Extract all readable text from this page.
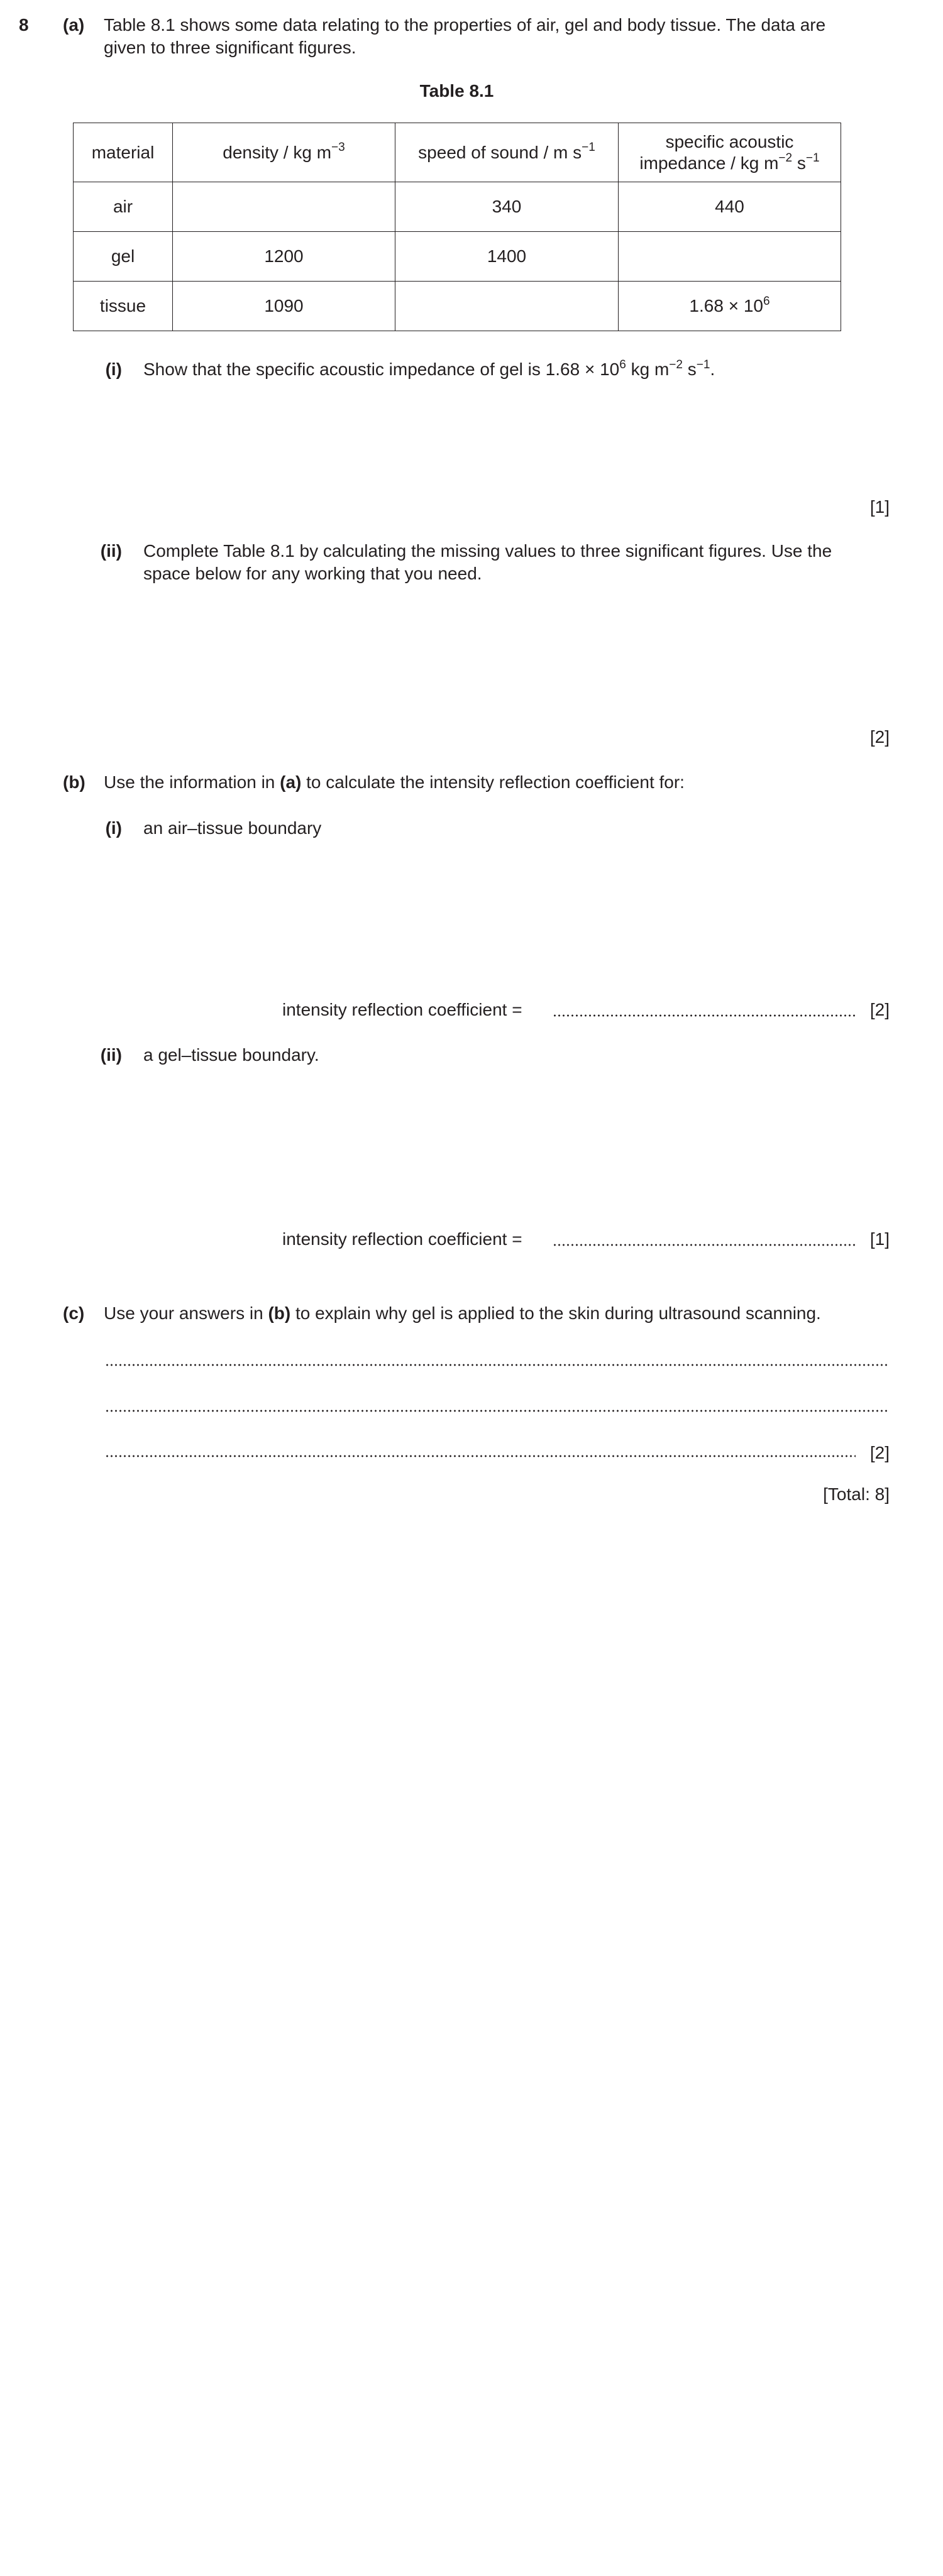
8 (a) Table 8.1 shows some data relating to the properties of air, gel and body tissue. The data are
given to three significant figures.
Table 8.1
material	density / kg $m^{-3}$	speed of sound / m $s^{-1}$	specific acoustic
impedance / kg $m^{-2}$ $s^{-1}$

air		340	440
gel	1200	1400	
tissue	1090		$1.68 \times 10^6$
(i) Show that the specific acoustic impedance of gel is $1.68 \times 10^6$ kg $m^{-2}$ $s^{-1}$.
[1]
(ii) Complete Table 8.1 by calculating the missing values to three significant figures. Use the
space below for any working that you need.
[2]
(b) Use the information in (a) to calculate the intensity reflection coefficient for:
(i) an air–tissue boundary
intensity reflection coefficient =	[2]
(ii) a gel–tissue boundary.
intensity reflection coefficient =	[1]
(c) Use your answers in (b) to explain why gel is applied to the skin during ultrasound scanning.
[2]
[Total: 8]
